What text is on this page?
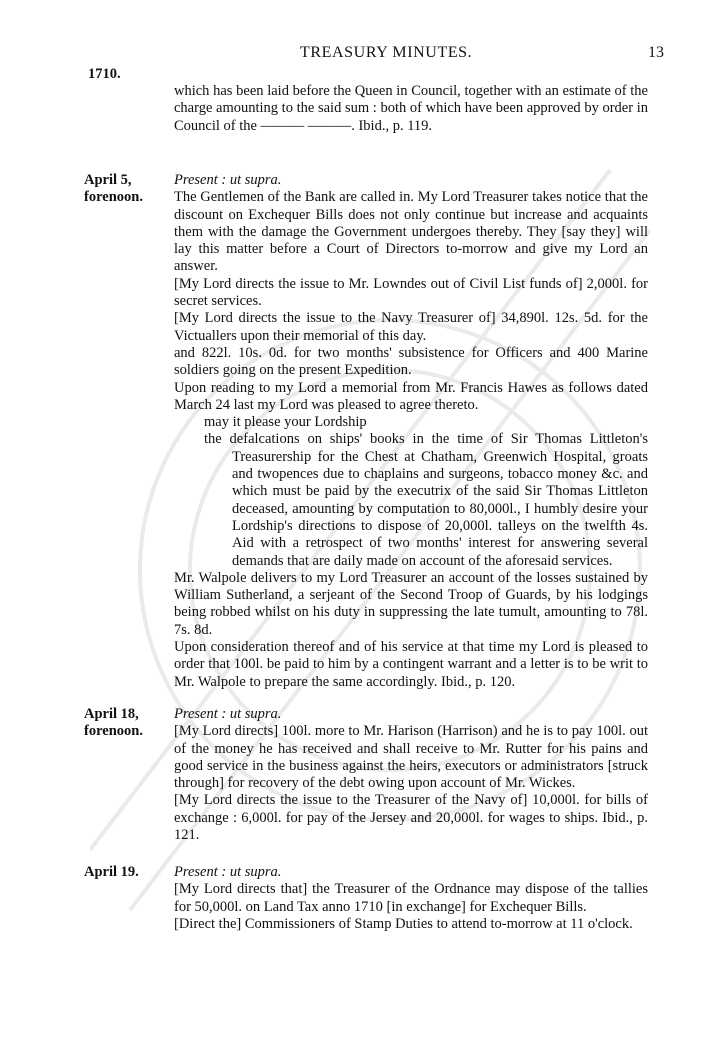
TREASURY MINUTES.	13
1710.

which has been laid before the Queen in Council, together with an estimate of the charge amounting to the said sum : both of which have been approved by order in Council of the ——— ———. Ibid., p. 119.

April 5,
forenoon.

Present : ut supra.

The Gentlemen of the Bank are called in. My Lord Treasurer takes notice that the discount on Exchequer Bills does not only continue but increase and acquaints them with the damage the Government undergoes thereby. They [say they] will lay this matter before a Court of Directors to-morrow and give my Lord an answer.

[My Lord directs the issue to Mr. Lowndes out of Civil List funds of] 2,000l. for secret services.

[My Lord directs the issue to the Navy Treasurer of] 34,890l. 12s. 5d. for the Victuallers upon their memorial of this day.

and 822l. 10s. 0d. for two months' subsistence for Officers and 400 Marine soldiers going on the present Expedition.

Upon reading to my Lord a memorial from Mr. Francis Hawes as follows dated March 24 last my Lord was pleased to agree thereto.

may it please your Lordship

the defalcations on ships' books in the time of Sir Thomas Littleton's Treasurership for the Chest at Chatham, Greenwich Hospital, groats and twopences due to chaplains and surgeons, tobacco money &c. and which must be paid by the executrix of the said Sir Thomas Littleton deceased, amounting by computation to 80,000l., I humbly desire your Lordship's directions to dispose of 20,000l. talleys on the twelfth 4s. Aid with a retrospect of two months' interest for answering several demands that are daily made on account of the aforesaid services.

Mr. Walpole delivers to my Lord Treasurer an account of the losses sustained by William Sutherland, a serjeant of the Second Troop of Guards, by his lodgings being robbed whilst on his duty in suppressing the late tumult, amounting to 78l. 7s. 8d.

Upon consideration thereof and of his service at that time my Lord is pleased to order that 100l. be paid to him by a contingent warrant and a letter is to be writ to Mr. Walpole to prepare the same accordingly. Ibid., p. 120.

April 18,
forenoon.

Present : ut supra.

[My Lord directs] 100l. more to Mr. Harison (Harrison) and he is to pay 100l. out of the money he has received and shall receive to Mr. Rutter for his pains and good service in the business against the heirs, executors or administrators [struck through] for recovery of the debt owing upon account of Mr. Wickes.

[My Lord directs the issue to the Treasurer of the Navy of] 10,000l. for bills of exchange : 6,000l. for pay of the Jersey and 20,000l. for wages to ships. Ibid., p. 121.

April 19.	Present : ut supra.

[My Lord directs that] the Treasurer of the Ordnance may dispose of the tallies for 50,000l. on Land Tax anno 1710 [in exchange] for Exchequer Bills.

[Direct the] Commissioners of Stamp Duties to attend to-morrow at 11 o'clock.
